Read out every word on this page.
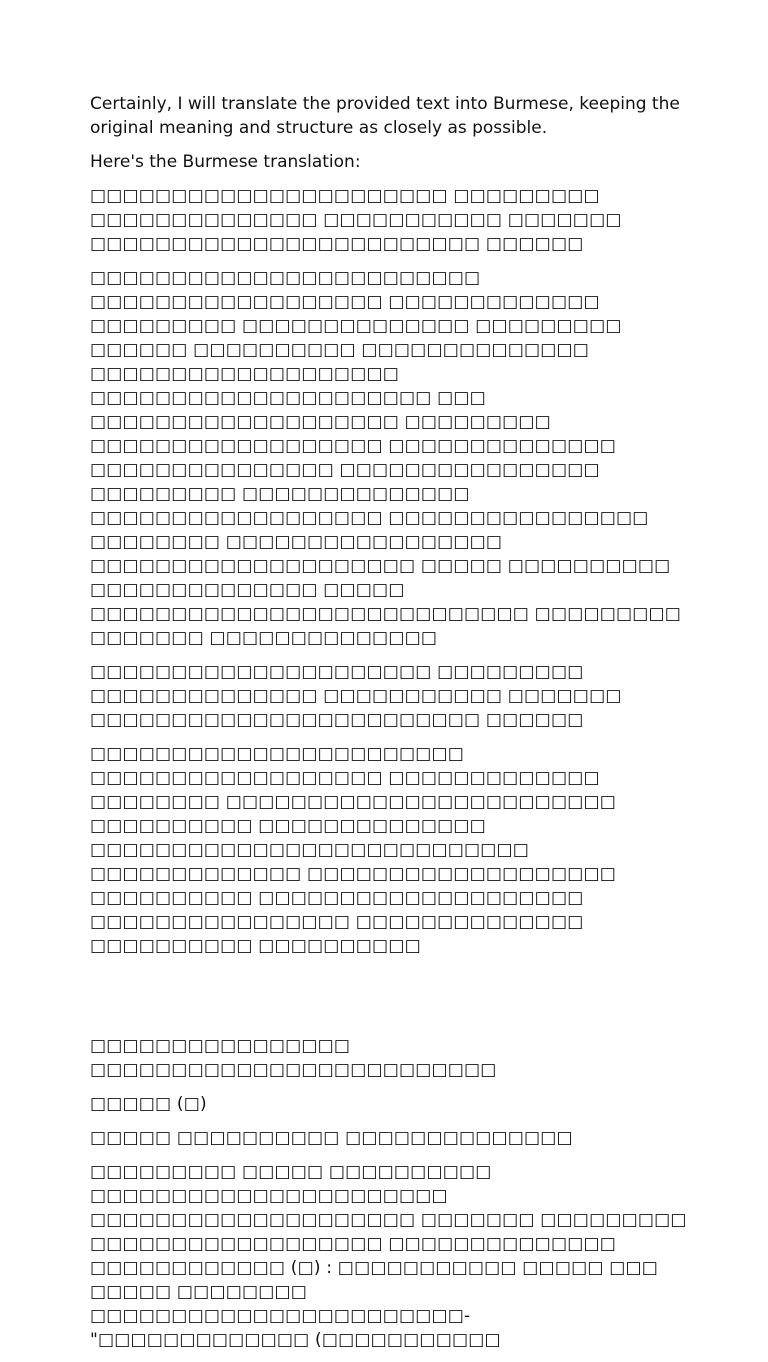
Certainly, I will translate the provided text into Burmese, keeping the original meaning and structure as closely as possible.

Here's the Burmese translation:

□□□□□□□□□□□□□□□□□□□□□□ □□□□□□□□□ □□□□□□□□□□□□□□ □□□□□□□□□□□ □□□□□□□ □□□□□□□□□□□□□□□□□□□□□□□□ □□□□□□

□□□□□□□□□□□□□□□□□□□□□□□□ □□□□□□□□□□□□□□□□□□ □□□□□□□□□□□□□ □□□□□□□□□ □□□□□□□□□□□□□□ □□□□□□□□□ □□□□□□ □□□□□□□□□□ □□□□□□□□□□□□□□ □□□□□□□□□□□□□□□□□□□ □□□□□□□□□□□□□□□□□□□□□ □□□ □□□□□□□□□□□□□□□□□□□ □□□□□□□□□ □□□□□□□□□□□□□□□□□□ □□□□□□□□□□□□□□ □□□□□□□□□□□□□□□ □□□□□□□□□□□□□□□□ □□□□□□□□□ □□□□□□□□□□□□□□ □□□□□□□□□□□□□□□□□□ □□□□□□□□□□□□□□□□ □□□□□□□□ □□□□□□□□□□□□□□□□□ □□□□□□□□□□□□□□□□□□□□ □□□□□ □□□□□□□□□□ □□□□□□□□□□□□□□ □□□□□ □□□□□□□□□□□□□□□□□□□□□□□□□□□ □□□□□□□□□ □□□□□□□ □□□□□□□□□□□□□□

□□□□□□□□□□□□□□□□□□□□□ □□□□□□□□□ □□□□□□□□□□□□□□ □□□□□□□□□□□ □□□□□□□ □□□□□□□□□□□□□□□□□□□□□□□□ □□□□□□

□□□□□□□□□□□□□□□□□□□□□□□ □□□□□□□□□□□□□□□□□□ □□□□□□□□□□□□□ □□□□□□□□ □□□□□□□□□□□□□□□□□□□□□□□□ □□□□□□□□□□ □□□□□□□□□□□□□□ □□□□□□□□□□□□□□□□□□□□□□□□□□□ □□□□□□□□□□□□□ □□□□□□□□□□□□□□□□□□□ □□□□□□□□□□ □□□□□□□□□□□□□□□□□□□□ □□□□□□□□□□□□□□□□ □□□□□□□□□□□□□□ □□□□□□□□□□ □□□□□□□□□□

□□□□□□□□□□□□□□□□ □□□□□□□□□□□□□□□□□□□□□□□□□

□□□□□ (□)

□□□□□ □□□□□□□□□□ □□□□□□□□□□□□□□

□□□□□□□□□ □□□□□ □□□□□□□□□□ □□□□□□□□□□□□□□□□□□□□□□ □□□□□□□□□□□□□□□□□□□□ □□□□□□□ □□□□□□□□□ □□□□□□□□□□□□□□□□□□ □□□□□□□□□□□□□□ □□□□□□□□□□□□ (□) : □□□□□□□□□□□ □□□□□ □□□ □□□□□ □□□□□□□□ □□□□□□□□□□□□□□□□□□□□□□□- "□□□□□□□□□□□□□ (□□□□□□□□□□□
